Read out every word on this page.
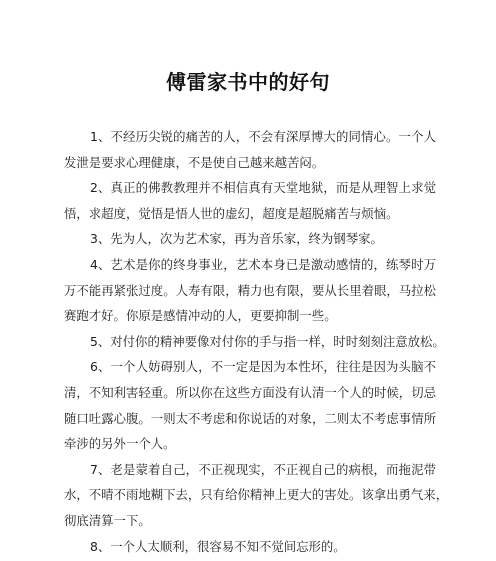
傅雷家书中的好句
1、不经历尖锐的痛苦的人，不会有深厚博大的同情心。一个人
发泄是要求心理健康，不是使自己越来越苦闷。
2、真正的佛教教理并不相信真有天堂地狱，而是从理智上求觉
悟，求超度，觉悟是悟人世的虚幻，超度是超脱痛苦与烦恼。
3、先为人，次为艺术家，再为音乐家，终为钢琴家。
4、艺术是你的终身事业，艺术本身已是激动感情的，练琴时万
万不能再紧张过度。人寿有限，精力也有限，要从长里着眼，马拉松
赛跑才好。你原是感情冲动的人，更要抑制一些。
5、对付你的精神要像对付你的手与指一样，时时刻刻注意放松。
6、一个人妨碍别人，不一定是因为本性坏，往往是因为头脑不
清，不知利害轻重。所以你在这些方面没有认清一个人的时候，切忌
随口吐露心腹。一则太不考虑和你说话的对象，二则太不考虑事情所
牵涉的另外一个人。
7、老是蒙着自己，不正视现实，不正视自己的病根，而拖泥带
水，不晴不雨地糊下去，只有给你精神上更大的害处。该拿出勇气来，
彻底清算一下。
8、一个人太顺利，很容易不知不觉间忘形的。
